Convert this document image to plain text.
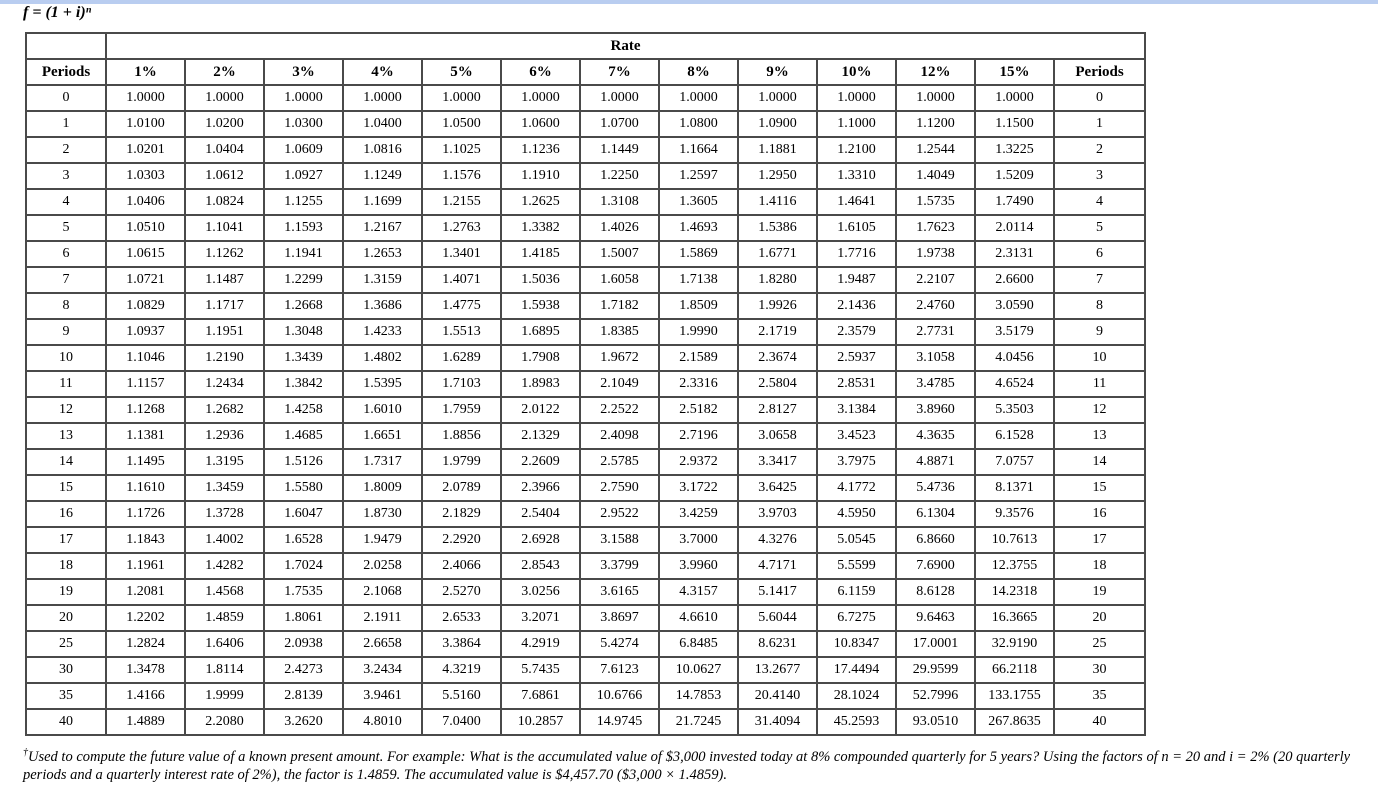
f = (1 + i)ⁿ
	Rate												
Periods	1%	2%	3%	4%	5%	6%	7%	8%	9%	10%	12%	15%	Periods
0	1.0000	1.0000	1.0000	1.0000	1.0000	1.0000	1.0000	1.0000	1.0000	1.0000	1.0000	1.0000	0
1	1.0100	1.0200	1.0300	1.0400	1.0500	1.0600	1.0700	1.0800	1.0900	1.1000	1.1200	1.1500	1
2	1.0201	1.0404	1.0609	1.0816	1.1025	1.1236	1.1449	1.1664	1.1881	1.2100	1.2544	1.3225	2
3	1.0303	1.0612	1.0927	1.1249	1.1576	1.1910	1.2250	1.2597	1.2950	1.3310	1.4049	1.5209	3
4	1.0406	1.0824	1.1255	1.1699	1.2155	1.2625	1.3108	1.3605	1.4116	1.4641	1.5735	1.7490	4
5	1.0510	1.1041	1.1593	1.2167	1.2763	1.3382	1.4026	1.4693	1.5386	1.6105	1.7623	2.0114	5
6	1.0615	1.1262	1.1941	1.2653	1.3401	1.4185	1.5007	1.5869	1.6771	1.7716	1.9738	2.3131	6
7	1.0721	1.1487	1.2299	1.3159	1.4071	1.5036	1.6058	1.7138	1.8280	1.9487	2.2107	2.6600	7
8	1.0829	1.1717	1.2668	1.3686	1.4775	1.5938	1.7182	1.8509	1.9926	2.1436	2.4760	3.0590	8
9	1.0937	1.1951	1.3048	1.4233	1.5513	1.6895	1.8385	1.9990	2.1719	2.3579	2.7731	3.5179	9
10	1.1046	1.2190	1.3439	1.4802	1.6289	1.7908	1.9672	2.1589	2.3674	2.5937	3.1058	4.0456	10
11	1.1157	1.2434	1.3842	1.5395	1.7103	1.8983	2.1049	2.3316	2.5804	2.8531	3.4785	4.6524	11
12	1.1268	1.2682	1.4258	1.6010	1.7959	2.0122	2.2522	2.5182	2.8127	3.1384	3.8960	5.3503	12
13	1.1381	1.2936	1.4685	1.6651	1.8856	2.1329	2.4098	2.7196	3.0658	3.4523	4.3635	6.1528	13
14	1.1495	1.3195	1.5126	1.7317	1.9799	2.2609	2.5785	2.9372	3.3417	3.7975	4.8871	7.0757	14
15	1.1610	1.3459	1.5580	1.8009	2.0789	2.3966	2.7590	3.1722	3.6425	4.1772	5.4736	8.1371	15
16	1.1726	1.3728	1.6047	1.8730	2.1829	2.5404	2.9522	3.4259	3.9703	4.5950	6.1304	9.3576	16
17	1.1843	1.4002	1.6528	1.9479	2.2920	2.6928	3.1588	3.7000	4.3276	5.0545	6.8660	10.7613	17
18	1.1961	1.4282	1.7024	2.0258	2.4066	2.8543	3.3799	3.9960	4.7171	5.5599	7.6900	12.3755	18
19	1.2081	1.4568	1.7535	2.1068	2.5270	3.0256	3.6165	4.3157	5.1417	6.1159	8.6128	14.2318	19
20	1.2202	1.4859	1.8061	2.1911	2.6533	3.2071	3.8697	4.6610	5.6044	6.7275	9.6463	16.3665	20
25	1.2824	1.6406	2.0938	2.6658	3.3864	4.2919	5.4274	6.8485	8.6231	10.8347	17.0001	32.9190	25
30	1.3478	1.8114	2.4273	3.2434	4.3219	5.7435	7.6123	10.0627	13.2677	17.4494	29.9599	66.2118	30
35	1.4166	1.9999	2.8139	3.9461	5.5160	7.6861	10.6766	14.7853	20.4140	28.1024	52.7996	133.1755	35
40	1.4889	2.2080	3.2620	4.8010	7.0400	10.2857	14.9745	21.7245	31.4094	45.2593	93.0510	267.8635	40
†Used to compute the future value of a known present amount. For example: What is the accumulated value of $3,000 invested today at 8% compounded quarterly for 5 years? Using the factors of n = 20 and i = 2% (20 quarterly periods and a quarterly interest rate of 2%), the factor is 1.4859. The accumulated value is $4,457.70 ($3,000 × 1.4859).
